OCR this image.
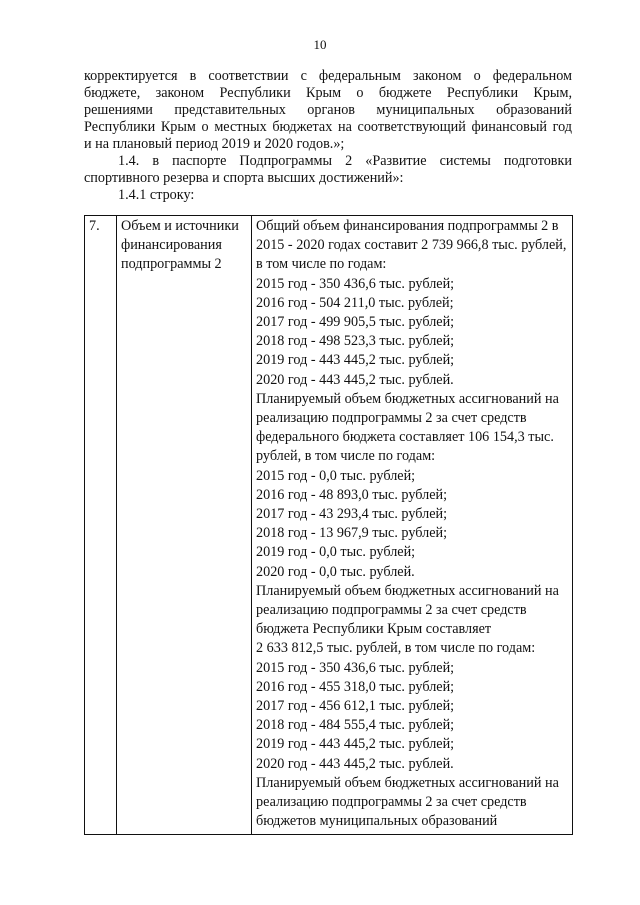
10

корректируется в соответствии с федеральным законом о федеральном

бюджете, законом Республики Крым о бюджете Республики Крым,

решениями представительных органов муниципальных образований

Республики Крым о местных бюджетах на соответствующий финансовый год

и на плановый период 2019 и 2020 годов.»;

1.4. в паспорте Подпрограммы 2 «Развитие системы подготовки

спортивного резерва и спорта высших достижений»:

1.4.1 строку:

7.	Объем и источники финансирования подпрограммы 2	
Общий объем финансирования подпрограммы 2 в
2015 - 2020 годах составит 2 739 966,8 тыс. рублей,
в том числе по годам:
2015 год - 350 436,6 тыс. рублей;
2016 год - 504 211,0 тыс. рублей;
2017 год - 499 905,5 тыс. рублей;
2018 год - 498 523,3 тыс. рублей;
2019 год - 443 445,2 тыс. рублей;
2020 год - 443 445,2 тыс. рублей.
Планируемый объем бюджетных ассигнований на
реализацию подпрограммы 2 за счет средств
федерального бюджета составляет 106 154,3 тыс.
рублей, в том числе по годам:
2015 год - 0,0 тыс. рублей;
2016 год - 48 893,0 тыс. рублей;
2017 год - 43 293,4 тыс. рублей;
2018 год - 13 967,9 тыс. рублей;
2019 год - 0,0 тыс. рублей;
2020 год - 0,0 тыс. рублей.
Планируемый объем бюджетных ассигнований на
реализацию подпрограммы 2 за счет средств
бюджета Республики Крым составляет
2 633 812,5 тыс. рублей, в том числе по годам:
2015 год - 350 436,6 тыс. рублей;
2016 год - 455 318,0 тыс. рублей;
2017 год - 456 612,1 тыс. рублей;
2018 год - 484 555,4 тыс. рублей;
2019 год - 443 445,2 тыс. рублей;
2020 год - 443 445,2 тыс. рублей.
Планируемый объем бюджетных ассигнований на
реализацию подпрограммы 2 за счет средств
бюджетов муниципальных образований
